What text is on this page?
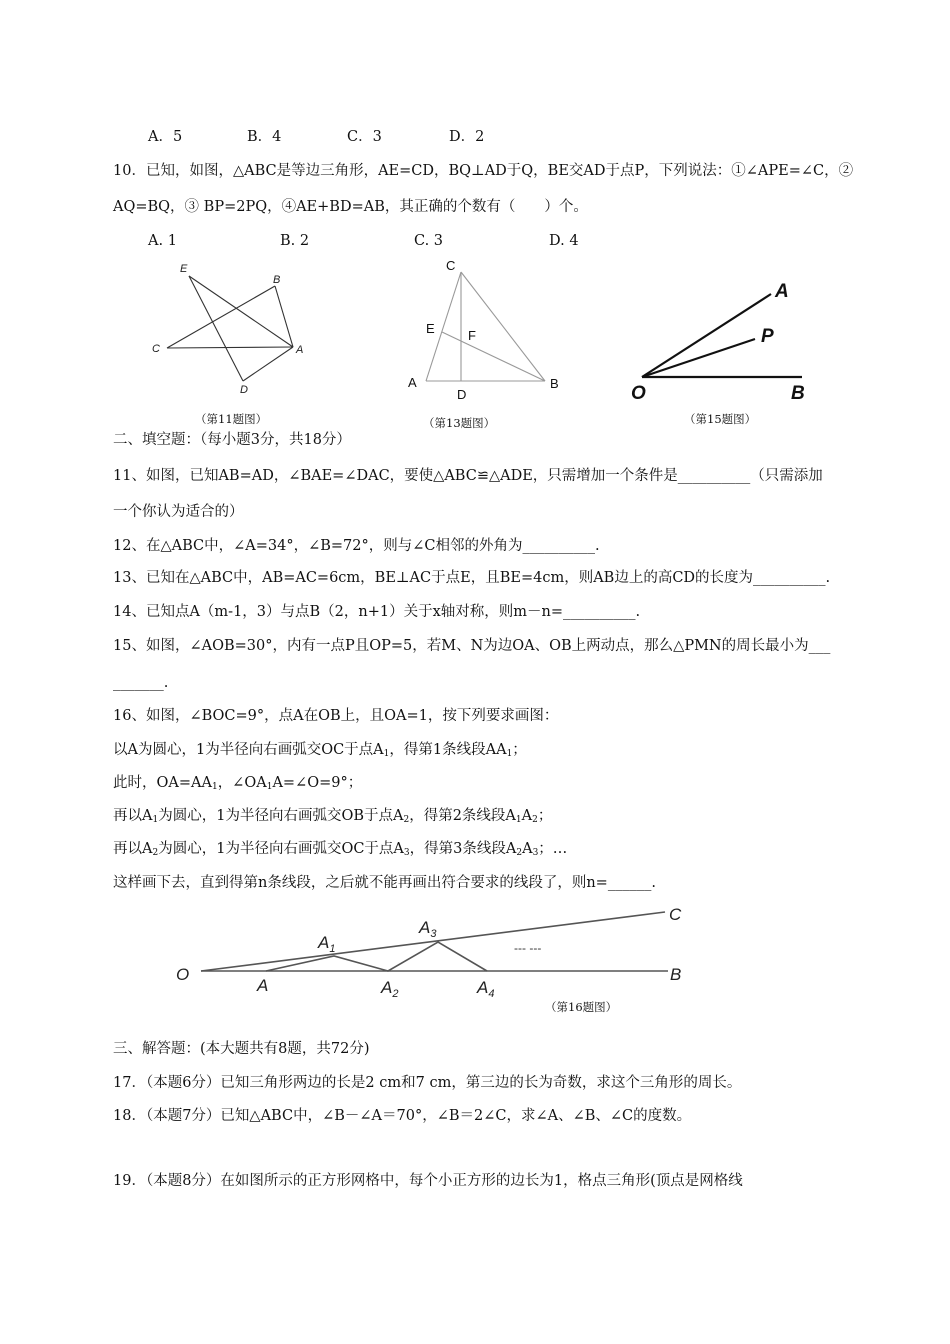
A．5	B．4	C．3	D．2
10．已知，如图，△ABC是等边三角形，AE=CD，BQ⊥AD于Q，BE交AD于点P，下列说法：①∠APE=∠C，②
AQ=BQ，③ BP=2PQ，④AE+BD=AB，其正确的个数有（　　）个。
A. 1	B. 2	C. 3	D. 4
E
B
C	A
D
（第11题图）
C
E	F
A
D
B
（第13题图）
A
P
O	B
（第15题图）
二、填空题：（每小题3分，共18分）
11、如图，已知AB=AD，∠BAE=∠DAC，要使△ABC≌△ADE，只需增加一个条件是__________（只需添加
一个你认为适合的）
12、在△ABC中，∠A=34°，∠B=72°，则与∠C相邻的外角为__________.
13、已知在△ABC中，AB=AC=6cm，BE⊥AC于点E，且BE=4cm，则AB边上的高CD的长度为__________.
14、已知点A（m-1，3）与点B（2，n+1）关于x轴对称，则m－n=__________.
15、如图，∠AOB=30°，内有一点P且OP=5，若M、N为边OA、OB上两动点，那么△PMN的周长最小为___
_______.
16、如图，∠BOC=9°，点A在OB上，且OA=1，按下列要求画图：
以A为圆心，1为半径向右画弧交OC于点$A_1$，得第1条线段$AA_1$；
此时，$OA=AA_1$，$\angle OA_1A=\angle O=9^\circ$；
再以$A_1$为圆心，1为半径向右画弧交OB于点$A_2$，得第2条线段$A_1A_2$；
再以$A_2$为圆心，1为半径向右画弧交OC于点$A_3$，得第3条线段$A_2A_3$；…
这样画下去，直到得第n条线段，之后就不能再画出符合要求的线段了，则n=______.
O
A
$A_1$
$A_2$
$A_3$
$A_4$
C
B
--- ---
（第16题图）
三、解答题：(本大题共有8题，共72分)
17．（本题6分）已知三角形两边的长是2 cm和7 cm，第三边的长为奇数，求这个三角形的周长。
18．（本题7分）已知△ABC中，∠B－∠A＝70°，∠B＝2∠C，求∠A、∠B、∠C的度数。
19．（本题8分）在如图所示的正方形网格中，每个小正方形的边长为1，格点三角形(顶点是网格线
